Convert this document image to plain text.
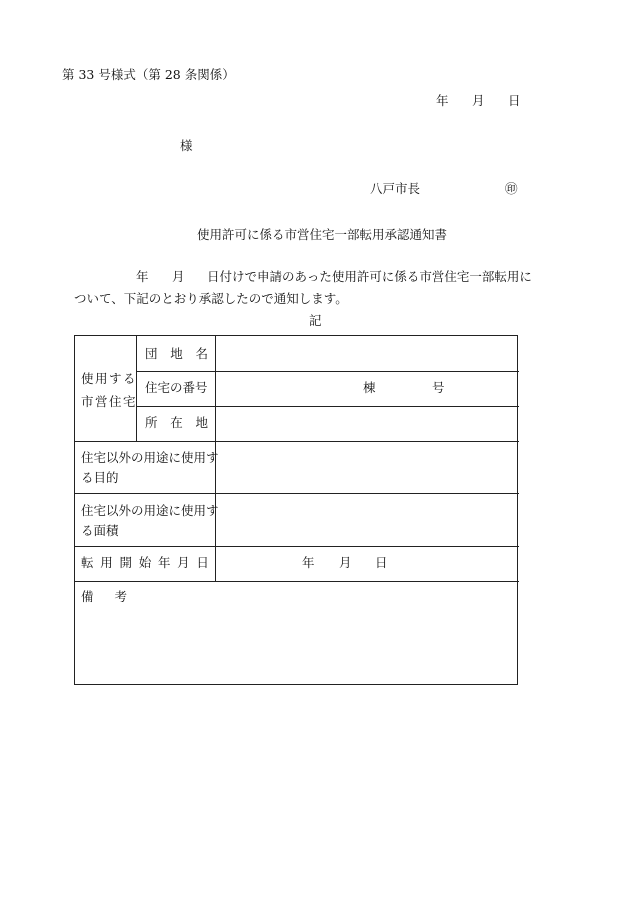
第 33 号様式（第 28 条関係）
年 月 日
様
八戸市長	㊞
使用許可に係る市営住宅一部転用承認通知書
年 月 日付けで申請のあった使用許可に係る市営住宅一部転用に
ついて、下記のとおり承認したので通知します。
記
使用する
市営住宅
団 地 名
住宅の番号	棟	号
所 在 地
住宅以外の用途に使用す
る目的
住宅以外の用途に使用す
る面積
転 用 開 始 年 月 日	年 月 日
備 考
